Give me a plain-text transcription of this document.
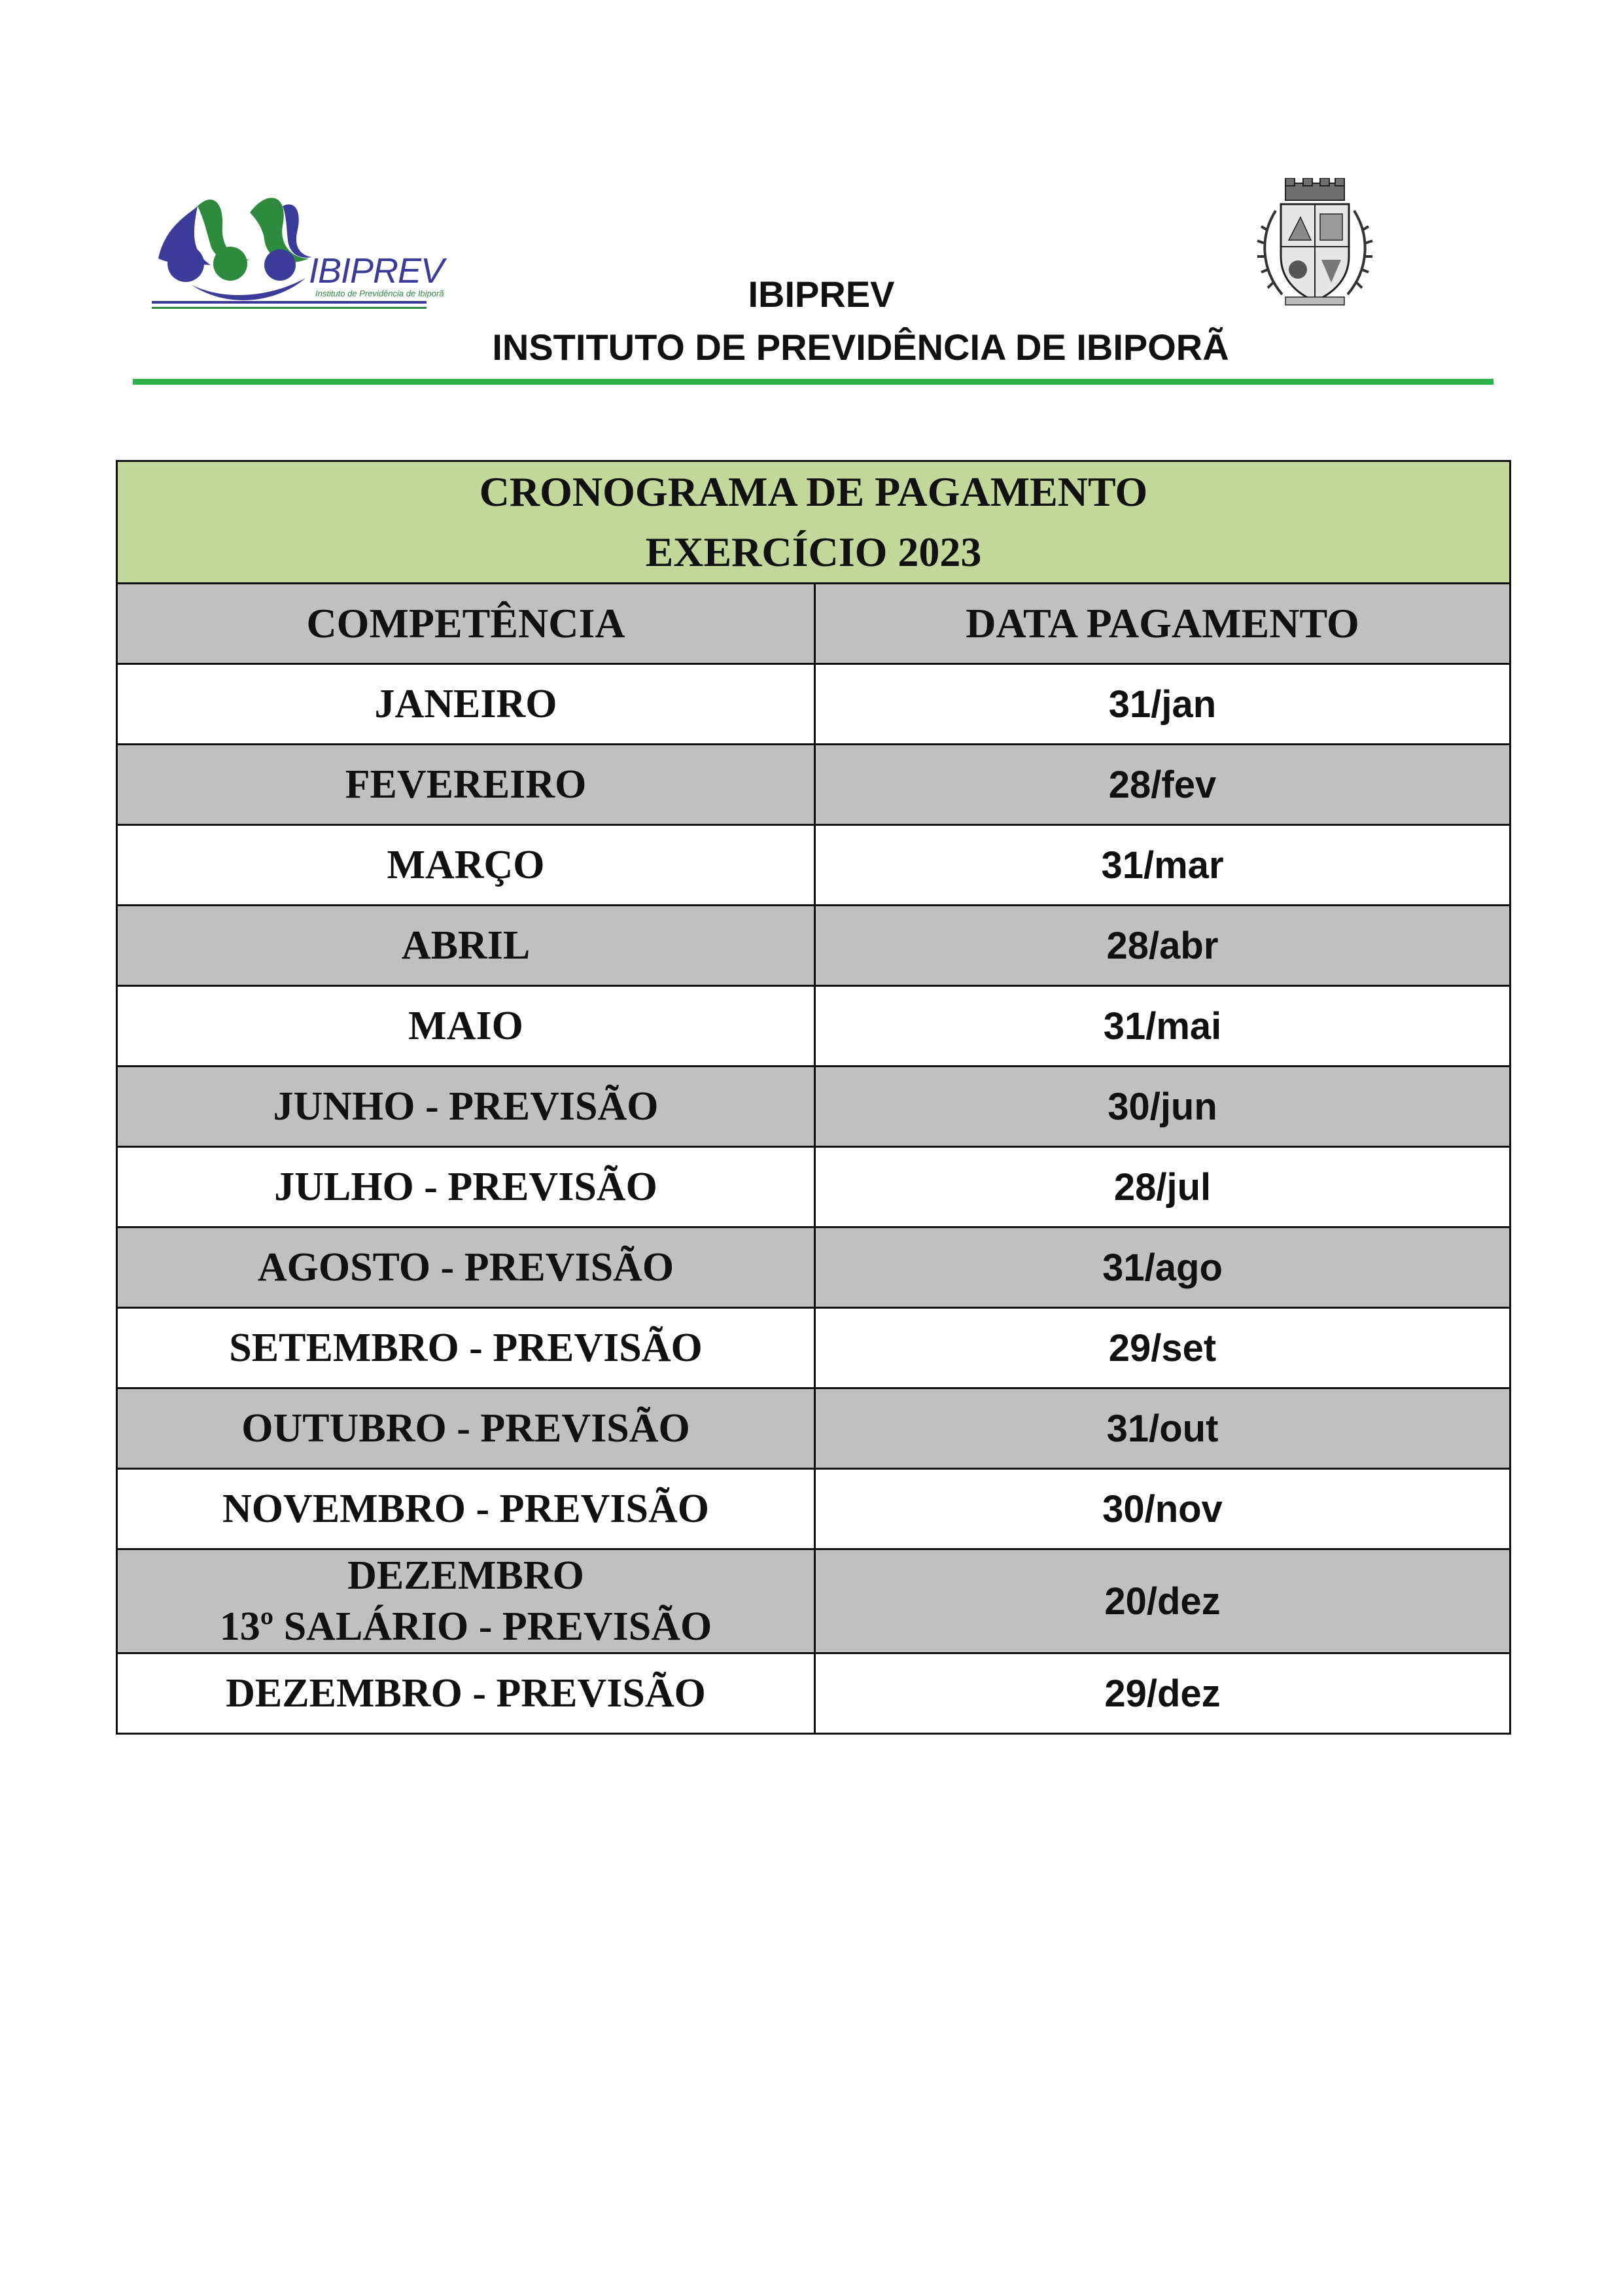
IBIPREV
Instituto de Previdência de Ibiporã	IBIPREV
INSTITUTO DE PREVIDÊNCIA DE IBIPORÃ
CRONOGRAMA DE PAGAMENTO
EXERCÍCIO 2023	

COMPETÊNCIA	DATA PAGAMENTO
JANEIRO	31/jan
FEVEREIRO	28/fev
MARÇO	31/mar
ABRIL	28/abr
MAIO	31/mai
JUNHO - PREVISÃO	30/jun
JULHO - PREVISÃO	28/jul
AGOSTO - PREVISÃO	31/ago
SETEMBRO - PREVISÃO	29/set
OUTUBRO - PREVISÃO	31/out
NOVEMBRO - PREVISÃO	30/nov
DEZEMBRO
13º SALÁRIO - PREVISÃO	20/dez
DEZEMBRO - PREVISÃO	29/dez
